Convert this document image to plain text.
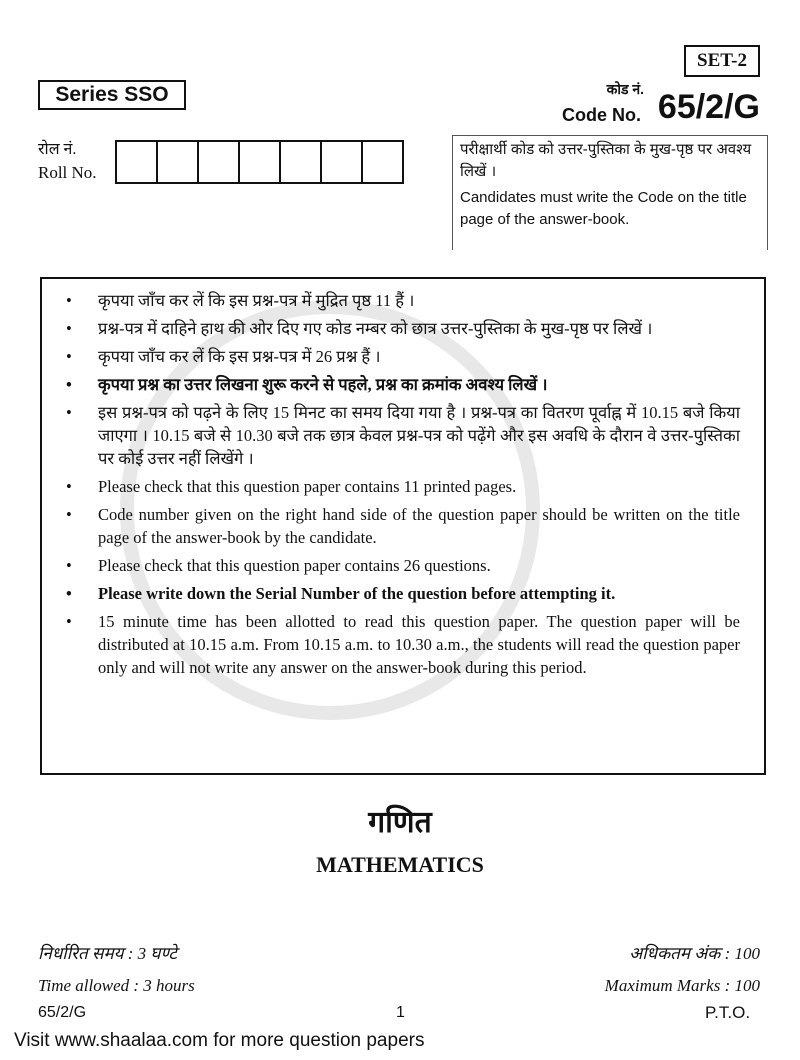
SET-2
Series SSO	कोड नं.
Code No. 65/2/G
रोल नं.
Roll No.

परीक्षार्थी कोड को उत्तर-पुस्तिका के मुख-पृष्ठ पर अवश्य लिखें ।

Candidates must write the Code on the title page of the answer-book.

• कृपया जाँच कर लें कि इस प्रश्न-पत्र में मुद्रित पृष्ठ 11 हैं ।
• प्रश्न-पत्र में दाहिने हाथ की ओर दिए गए कोड नम्बर को छात्र उत्तर-पुस्तिका के मुख-पृष्ठ पर लिखें ।
• कृपया जाँच कर लें कि इस प्रश्न-पत्र में 26 प्रश्न हैं ।
• कृपया प्रश्न का उत्तर लिखना शुरू करने से पहले, प्रश्न का क्रमांक अवश्य लिखें ।
• इस प्रश्न-पत्र को पढ़ने के लिए 15 मिनट का समय दिया गया है । प्रश्न-पत्र का वितरण पूर्वाह्न में 10.15 बजे किया जाएगा । 10.15 बजे से 10.30 बजे तक छात्र केवल प्रश्न-पत्र को पढ़ेंगे और इस अवधि के दौरान वे उत्तर-पुस्तिका पर कोई उत्तर नहीं लिखेंगे ।
• Please check that this question paper contains 11 printed pages.
• Code number given on the right hand side of the question paper should be written on the title page of the answer-book by the candidate.
• Please check that this question paper contains 26 questions.
• Please write down the Serial Number of the question before attempting it.
• 15 minute time has been allotted to read this question paper. The question paper will be distributed at 10.15 a.m. From 10.15 a.m. to 10.30 a.m., the students will read the question paper only and will not write any answer on the answer-book during this period.
गणित
MATHEMATICS
निर्धारित समय : 3 घण्टे	अधिकतम अंक : 100
Time allowed : 3 hours	Maximum Marks : 100
65/2/G	1	P.T.O.
Visit www.shaalaa.com for more question papers
